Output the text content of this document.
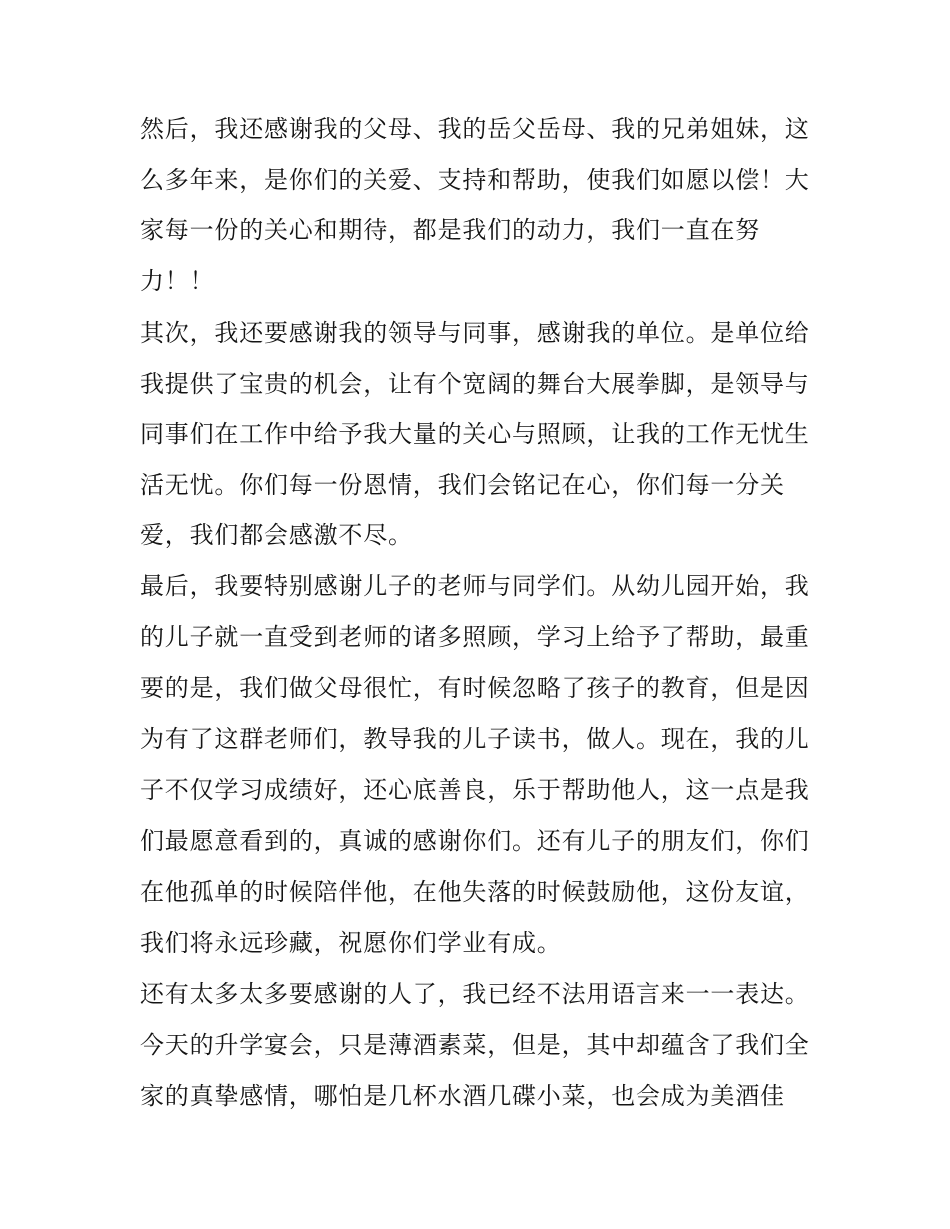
然后，我还感谢我的父母、我的岳父岳母、我的兄弟姐妹，这
么多年来，是你们的关爱、支持和帮助，使我们如愿以偿！大
家每一份的关心和期待，都是我们的动力，我们一直在努
力！！
其次，我还要感谢我的领导与同事，感谢我的单位。是单位给
我提供了宝贵的机会，让有个宽阔的舞台大展拳脚，是领导与
同事们在工作中给予我大量的关心与照顾，让我的工作无忧生
活无忧。你们每一份恩情，我们会铭记在心，你们每一分关
爱，我们都会感激不尽。
最后，我要特别感谢儿子的老师与同学们。从幼儿园开始，我
的儿子就一直受到老师的诸多照顾，学习上给予了帮助，最重
要的是，我们做父母很忙，有时候忽略了孩子的教育，但是因
为有了这群老师们，教导我的儿子读书，做人。现在，我的儿
子不仅学习成绩好，还心底善良，乐于帮助他人，这一点是我
们最愿意看到的，真诚的感谢你们。还有儿子的朋友们，你们
在他孤单的时候陪伴他，在他失落的时候鼓励他，这份友谊，
我们将永远珍藏，祝愿你们学业有成。
还有太多太多要感谢的人了，我已经不法用语言来一一表达。
今天的升学宴会，只是薄酒素菜，但是，其中却蕴含了我们全
家的真挚感情，哪怕是几杯水酒几碟小菜，也会成为美酒佳
